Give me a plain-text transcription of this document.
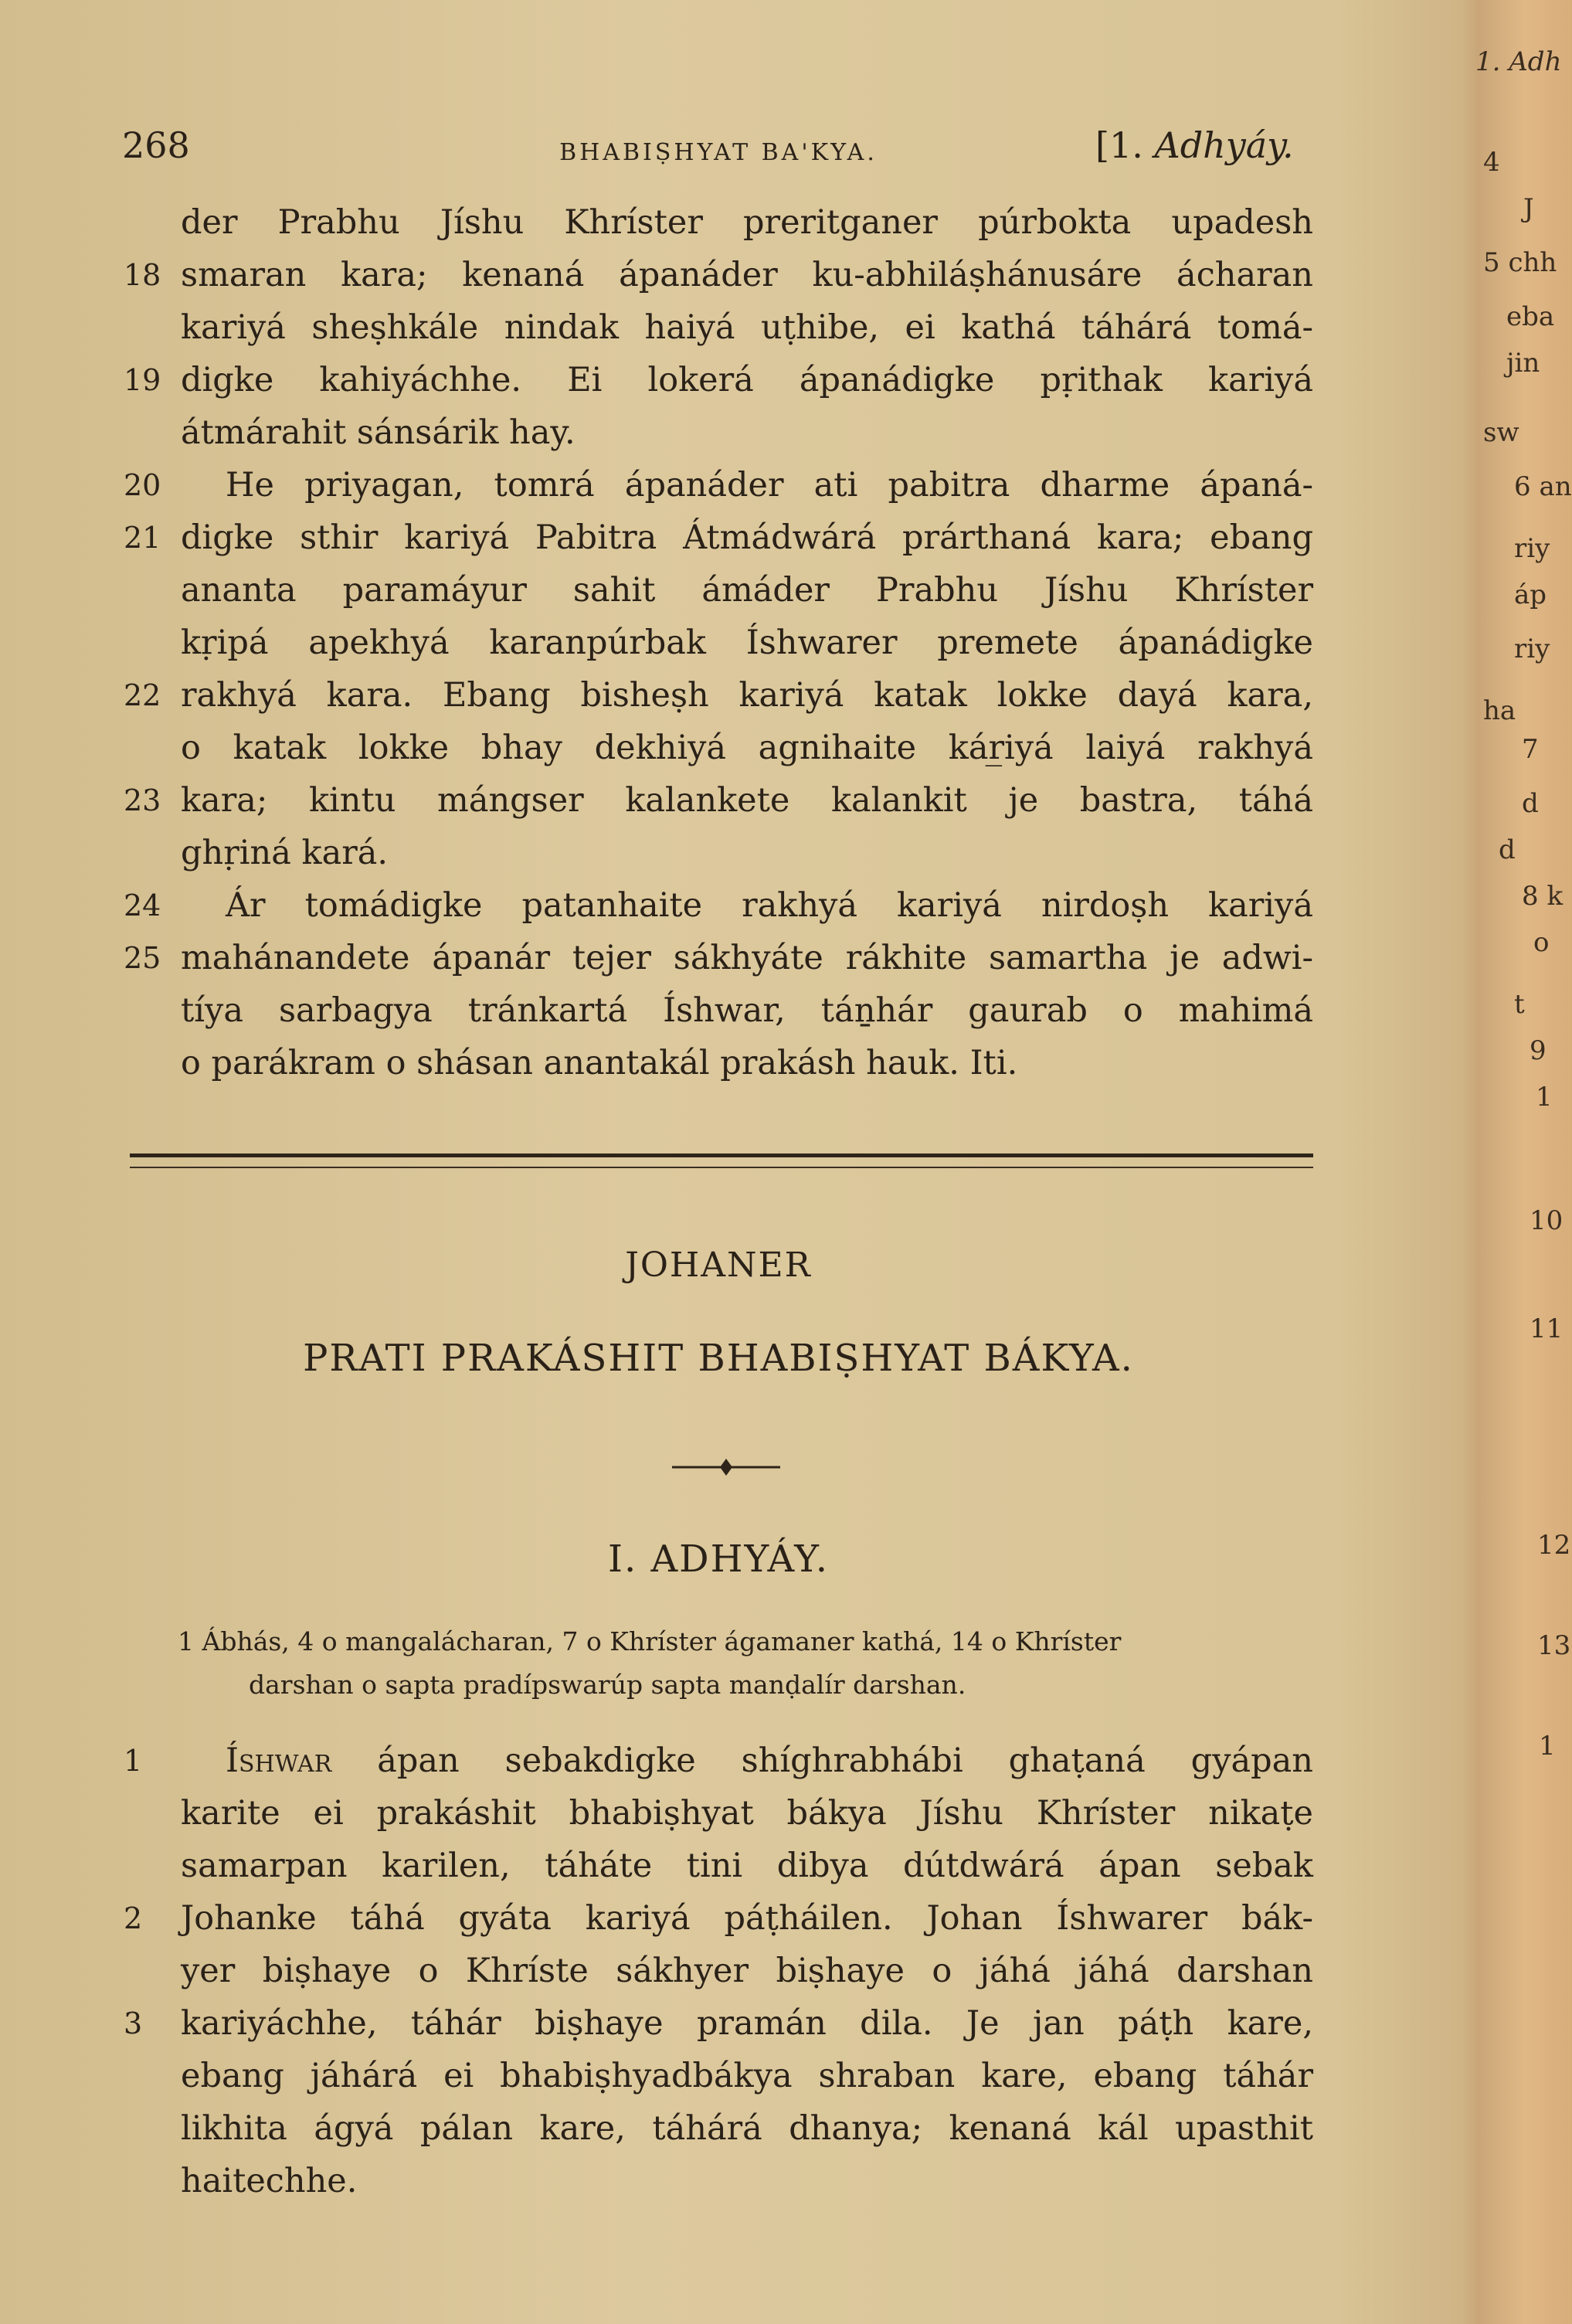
268	BHABIṢHYAT BA'KYA.	[1. Adhyáy.
der Prabhu Jíshu Khríster preritganer púrbokta upadesh
18 smaran kara; kenaná ápanáder ku-abhiláṣhánusáre ácharan
kariyá sheṣhkále nindak haiyá uṭhibe, ei kathá táhárá tomá-
19 digke kahiyáchhe. Ei lokerá ápanádigke pṛithak kariyá
átmárahit sánsárik hay.
20 He priyagan, tomrá ápanáder ati pabitra dharme ápaná-
21 digke sthir kariyá Pabitra Átmádwárá prárthaná kara; ebang
ananta paramáyur sahit ámáder Prabhu Jíshu Khríster
kṛipá apekhyá karanpúrbak Íshwarer premete ápanádigke
22 rakhyá kara. Ebang bisheṣh kariyá katak lokke dayá kara,
o katak lokke bhay dekhiyá agnihaite kár̲iyá laiyá rakhyá
23 kara; kintu mángser kalankete kalankit je bastra, táhá
ghṛiná kará.
24 Ár tomádigke patanhaite rakhyá kariyá nirdoṣh kariyá
25 mahánandete ápanár tejer sákhyáte rákhite samartha je adwi-
tíya sarbagya tránkartá Íshwar, táṉhár gaurab o mahimá
o parákram o shásan anantakál prakásh hauk. Iti.
JOHANER
PRATI PRAKÁSHIT BHABIṢHYAT BÁKYA.
I. ADHYÁY.
1 Ábhás, 4 o mangalácharan, 7 o Khríster ágamaner kathá, 14 o Khríster
darshan o sapta pradípswarúp sapta manḍalír darshan.
1	Íshwar ápan sebakdigke shíghrabhábi ghaṭaná gyápan
karite ei prakáshit bhabiṣhyat bákya Jíshu Khríster nikaṭe
samarpan karilen, táháte tini dibya dútdwárá ápan sebak
2	Johanke táhá gyáta kariyá páṭháilen. Johan Íshwarer bák-
yer biṣhaye o Khríste sákhyer biṣhaye o jáhá jáhá darshan
3	kariyáchhe, táhár biṣhaye pramán dila. Je jan páṭh kare,
ebang jáhárá ei bhabiṣhyadbákya shraban kare, ebang táhár
likhita ágyá pálan kare, táhárá dhanya; kenaná kál upasthit
haitechhe.
1. Adh
4
J
5 chh
eba
jin
sw
6 an
riy
áp
riy
ha
7
d
d
8 k
o
t
9
1
10
11
12
13
1
